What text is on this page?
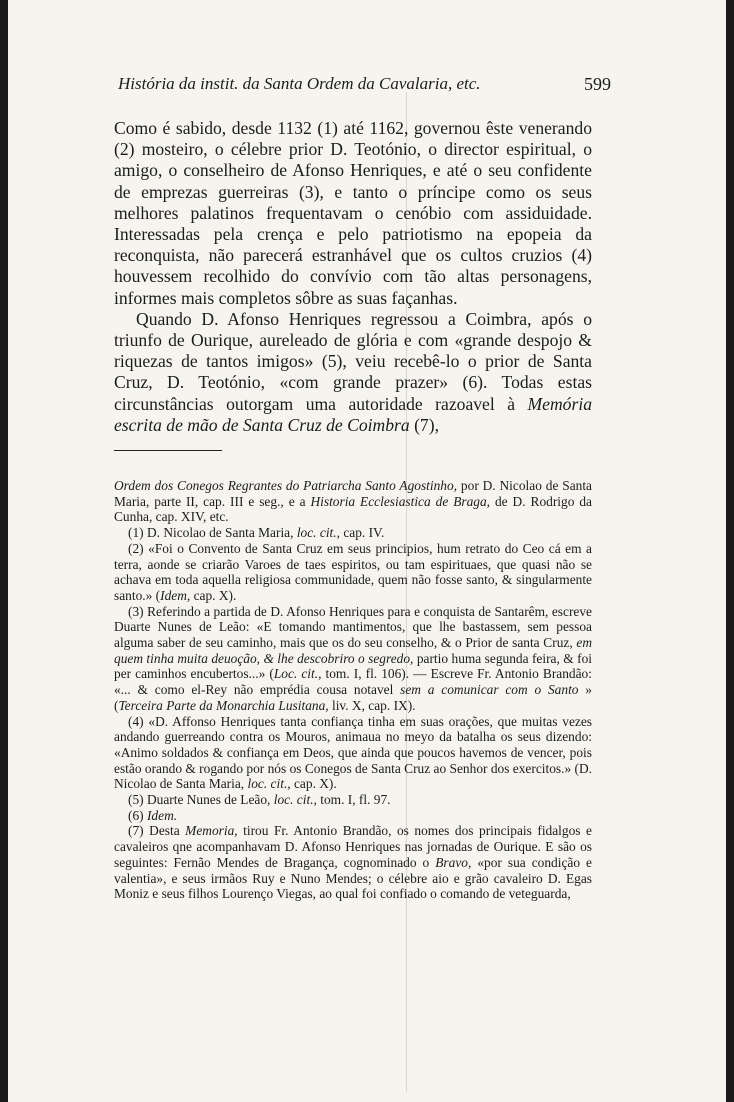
História da instit. da Santa Ordem da Cavalaria, etc.	599

Como é sabido, desde 1132 (1) até 1162, governou êste venerando (2) mosteiro, o célebre prior D. Teotónio, o director espiritual, o amigo, o conselheiro de Afonso Henriques, e até o seu confidente de emprezas guerreiras (3), e tanto o príncipe como os seus melhores palatinos frequentavam o cenóbio com assiduidade. Interessadas pela crença e pelo patriotismo na epopeia da reconquista, não parecerá estranhável que os cultos cruzios (4) houvessem recolhido do convívio com tão altas personagens, informes mais completos sôbre as suas façanhas.

Quando D. Afonso Henriques regressou a Coimbra, após o triunfo de Ourique, aureleado de glória e com «grande despojo & riquezas de tantos imigos» (5), veiu recebê-lo o prior de Santa Cruz, D. Teotónio, «com grande prazer» (6). Todas estas circunstâncias outorgam uma autoridade razoavel à Memória escrita de mão de Santa Cruz de Coimbra (7),

Ordem dos Conegos Regrantes do Patriarcha Santo Agostinho, por D. Nicolao de Santa Maria, parte II, cap. III e seg., e a Historia Ecclesiastica de Braga, de D. Rodrigo da Cunha, cap. XIV, etc.

(1) D. Nicolao de Santa Maria, loc. cit., cap. IV.

(2) «Foi o Convento de Santa Cruz em seus principios, hum retrato do Ceo cá em a terra, aonde se criarão Varoes de taes espiritos, ou tam espirituaes, que quasi não se achava em toda aquella religiosa communidade, quem não fosse santo, & singularmente santo.» (Idem, cap. X).

(3) Referindo a partida de D. Afonso Henriques para e conquista de Santarêm, escreve Duarte Nunes de Leão: «E tomando mantimentos, que lhe bastassem, sem pessoa alguma saber de seu caminho, mais que os do seu conselho, & o Prior de santa Cruz, em quem tinha muita deuoção, & lhe descobriro o segredo, partio huma segunda feira, & foi per caminhos encubertos...» (Loc. cit., tom. I, fl. 106). — Escreve Fr. Antonio Brandão: «... & como el-Rey não emprédia cousa notavel sem a comunicar com o Santo » (Terceira Parte da Monarchia Lusitana, liv. X, cap. IX).

(4) «D. Affonso Henriques tanta confiança tinha em suas orações, que muitas vezes andando guerreando contra os Mouros, animaua no meyo da batalha os seus dizendo: «Animo soldados & confiança em Deos, que ainda que poucos havemos de vencer, pois estão orando & rogando por nós os Conegos de Santa Cruz ao Senhor dos exercitos.» (D. Nicolao de Santa Maria, loc. cit., cap. X).

(5) Duarte Nunes de Leão, loc. cit., tom. I, fl. 97.

(6) Idem.

(7) Desta Memoria, tirou Fr. Antonio Brandão, os nomes dos principais fidalgos e cavaleiros qne acompanhavam D. Afonso Henriques nas jornadas de Ourique. E são os seguintes: Fernão Mendes de Bragança, cognominado o Bravo, «por sua condição e valentia», e seus irmãos Ruy e Nuno Mendes; o célebre aio e grão cavaleiro D. Egas Moniz e seus filhos Lourenço Viegas, ao qual foi confiado o comando de veteguarda,
